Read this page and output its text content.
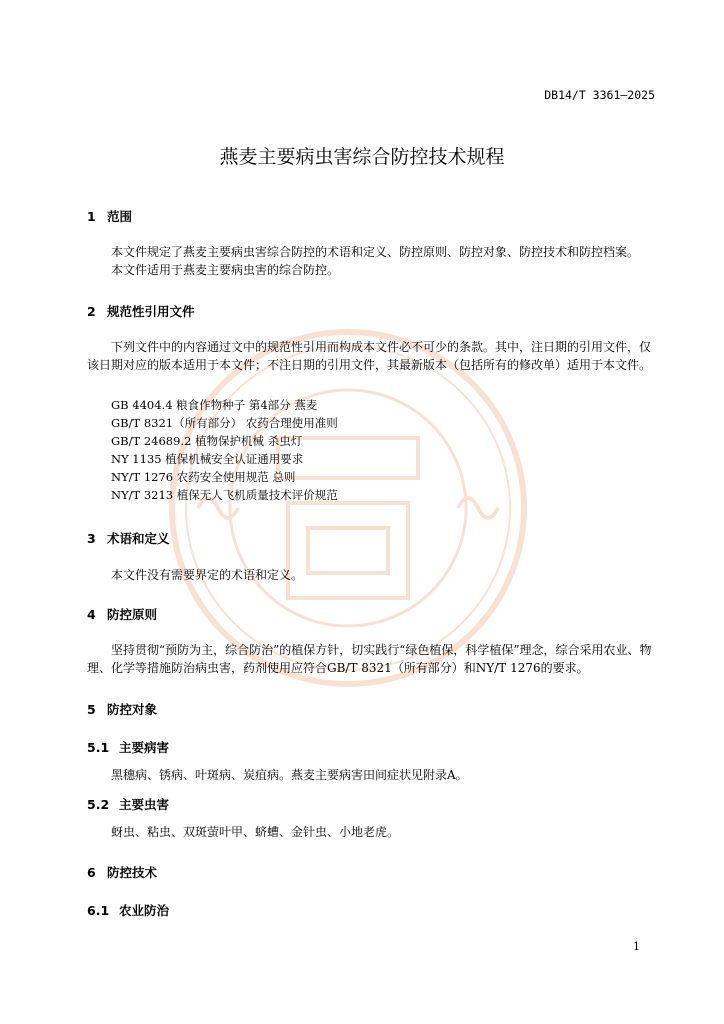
DB14/T 3361—2025
燕麦主要病虫害综合防控技术规程
1 范围
本文件规定了燕麦主要病虫害综合防控的术语和定义、防控原则、防控对象、防控技术和防控档案。
本文件适用于燕麦主要病虫害的综合防控。
2 规范性引用文件
下列文件中的内容通过文中的规范性引用而构成本文件必不可少的条款。其中，注日期的引用文件，仅该日期对应的版本适用于本文件；不注日期的引用文件，其最新版本（包括所有的修改单）适用于本文件。
GB 4404.4 粮食作物种子 第4部分 燕麦
GB/T 8321（所有部分） 农药合理使用准则
GB/T 24689.2 植物保护机械 杀虫灯
NY 1135 植保机械安全认证通用要求
NY/T 1276 农药安全使用规范 总则
NY/T 3213 植保无人飞机质量技术评价规范
3 术语和定义
本文件没有需要界定的术语和定义。
4 防控原则
坚持贯彻“预防为主，综合防治”的植保方针，切实践行“绿色植保，科学植保”理念，综合采用农业、物理、化学等措施防治病虫害，药剂使用应符合GB/T 8321（所有部分）和NY/T 1276的要求。
5 防控对象
5.1 主要病害
黑穗病、锈病、叶斑病、炭疽病。燕麦主要病害田间症状见附录A。
5.2 主要虫害
蚜虫、粘虫、双斑萤叶甲、蛴螬、金针虫、小地老虎。
6 防控技术
6.1 农业防治
1
